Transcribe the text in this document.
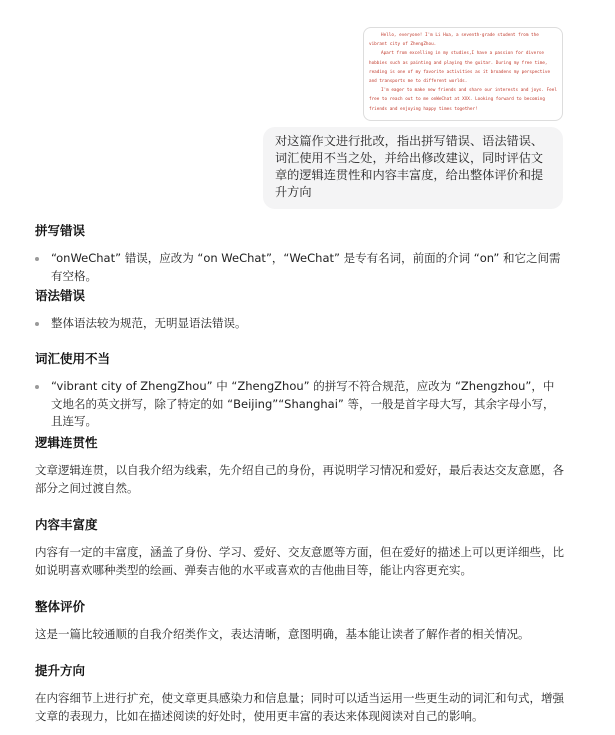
Hello, everyone! I'm Li Hua, a seventh-grade student from the vibrant city of ZhengZhou.

Apart from excelling in my studies,I have a passion for diverse hobbies such as painting and playing the guitar. During my free time, reading is one of my favorite activities as it broadens my perspective and transports me to different worlds.

I'm eager to make new friends and share our interests and joys. Feel free to reach out to me onWeChat at XXX. Looking forward to becoming friends and enjoying happy times together!

对这篇作文进行批改，指出拼写错误、语法错误、词汇使用不当之处，并给出修改建议，同时评估文章的逻辑连贯性和内容丰富度，给出整体评价和提升方向
拼写错误
“onWeChat” 错误，应改为 “on WeChat”，“WeChat” 是专有名词，前面的介词 “on” 和它之间需有空格。
语法错误
整体语法较为规范，无明显语法错误。
词汇使用不当
“vibrant city of ZhengZhou” 中 “ZhengZhou” 的拼写不符合规范，应改为 “Zhengzhou”，中文地名的英文拼写，除了特定的如 “Beijing”“Shanghai” 等，一般是首字母大写，其余字母小写，且连写。
逻辑连贯性

文章逻辑连贯，以自我介绍为线索，先介绍自己的身份，再说明学习情况和爱好，最后表达交友意愿，各部分之间过渡自然。

内容丰富度

内容有一定的丰富度，涵盖了身份、学习、爱好、交友意愿等方面，但在爱好的描述上可以更详细些，比如说明喜欢哪种类型的绘画、弹奏吉他的水平或喜欢的吉他曲目等，能让内容更充实。

整体评价

这是一篇比较通顺的自我介绍类作文，表达清晰，意图明确，基本能让读者了解作者的相关情况。

提升方向

在内容细节上进行扩充，使文章更具感染力和信息量；同时可以适当运用一些更生动的词汇和句式，增强文章的表现力，比如在描述阅读的好处时，使用更丰富的表达来体现阅读对自己的影响。
